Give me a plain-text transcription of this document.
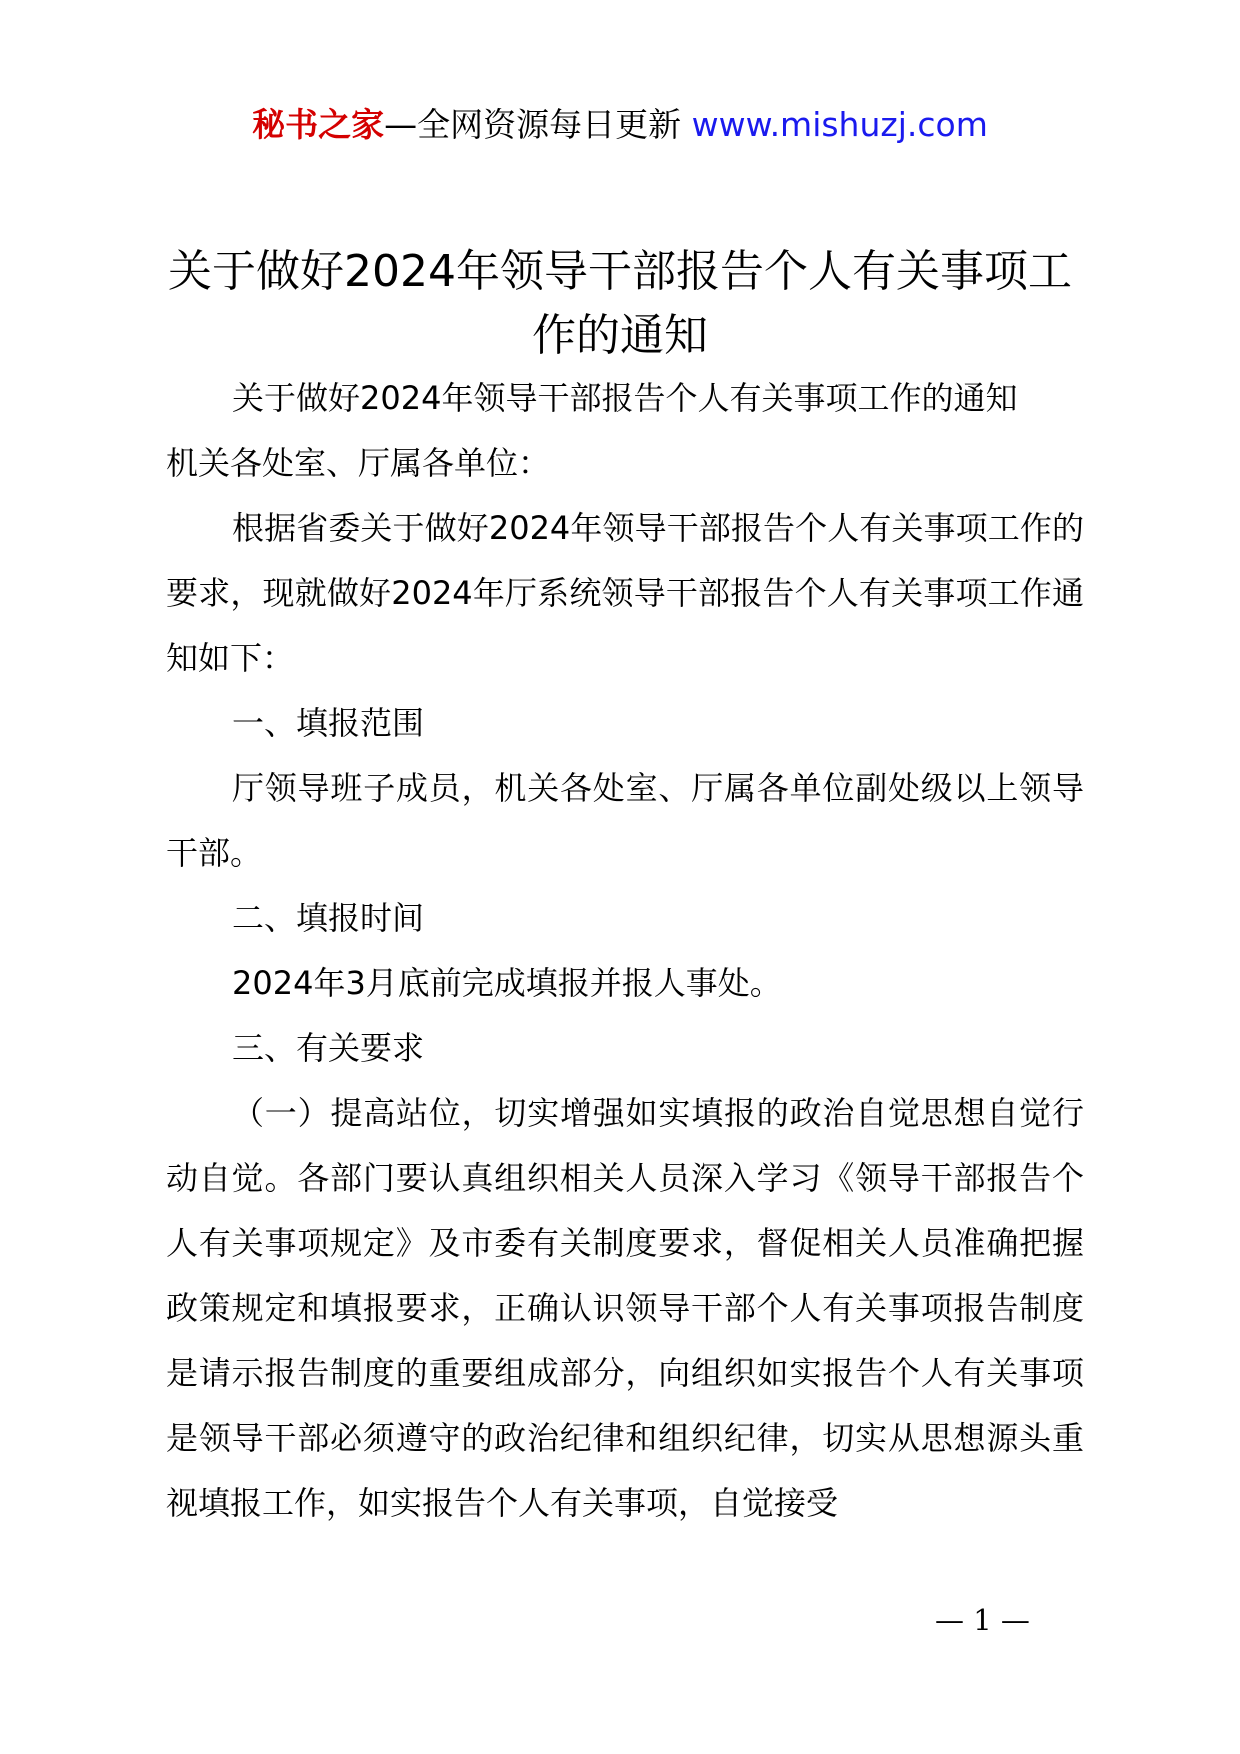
秘书之家—全网资源每日更新 www.mishuzj.com
关于做好2024年领导干部报告个人有关事项工作的通知

关于做好2024年领导干部报告个人有关事项工作的通知

机关各处室、厅属各单位：

根据省委关于做好2024年领导干部报告个人有关事项工作的要求，现就做好2024年厅系统领导干部报告个人有关事项工作通知如下：

一、填报范围

厅领导班子成员，机关各处室、厅属各单位副处级以上领导干部。

二、填报时间

2024年3月底前完成填报并报人事处。

三、有关要求

（一）提高站位，切实增强如实填报的政治自觉思想自觉行动自觉。各部门要认真组织相关人员深入学习《领导干部报告个人有关事项规定》及市委有关制度要求，督促相关人员准确把握政策规定和填报要求，正确认识领导干部个人有关事项报告制度是请示报告制度的重要组成部分，向组织如实报告个人有关事项是领导干部必须遵守的政治纪律和组织纪律，切实从思想源头重视填报工作，如实报告个人有关事项，自觉接受

— 1 —
